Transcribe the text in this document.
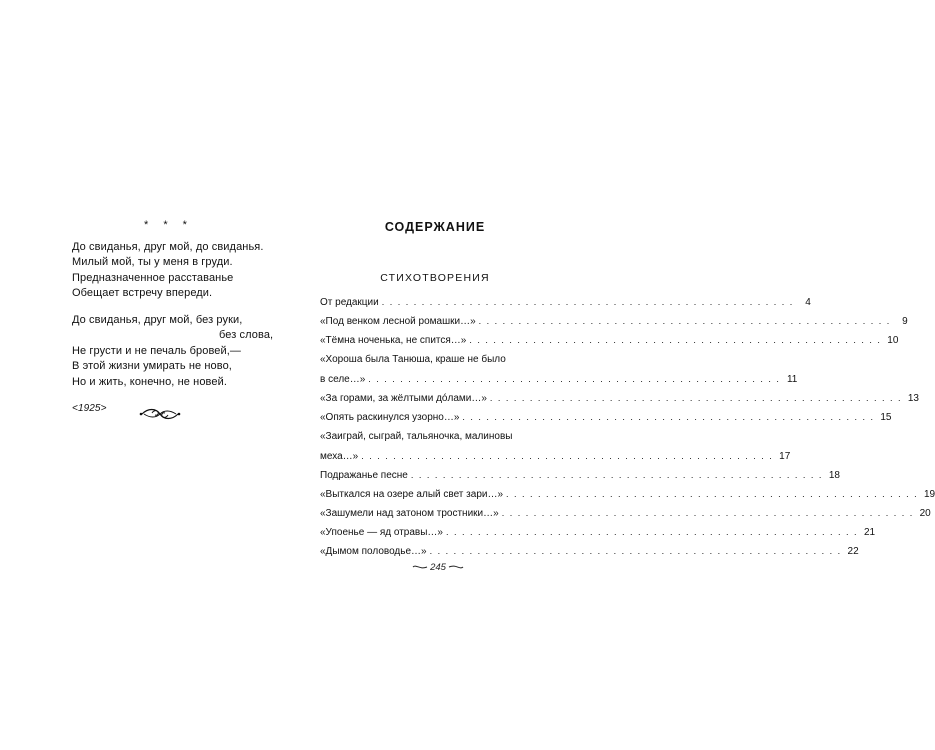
* * *
До свиданья, друг мой, до свиданья.
Милый мой, ты у меня в груди.
Предназначенное расставанье
Обещает встречу впереди.
До свиданья, друг мой, без руки,
без слова,
Не грусти и не печаль бровей,—
В этой жизни умирать не ново,
Но и жить, конечно, не новей.
<1925>
СОДЕРЖАНИЕ
СТИХОТВОРЕНИЯ
От редакции . . . . . . . . . . . . . . . . . . . . . . . . . . . . . . . . . . . . . . . . . . . . . . . . . . . .	4
«Под венком лесной ромашки…» . . . . . . . . . . . . . . . . . . . . . . . . . . . . . . . . . . . . . . . . . . . . . . . . . . . .	9
«Тёмна ноченька, не спится…» . . . . . . . . . . . . . . . . . . . . . . . . . . . . . . . . . . . . . . . . . . . . . . . . . . . . 10
«Хороша была Танюша, краше не было
в селе…» . . . . . . . . . . . . . . . . . . . . . . . . . . . . . . . . . . . . . . . . . . . . . . . . . . . . 11
«За горами, за жёлтыми дóлами…» . . . . . . . . . . . . . . . . . . . . . . . . . . . . . . . . . . . . . . . . . . . . . . . . . . . . 13
«Опять раскинулся узорно…» . . . . . . . . . . . . . . . . . . . . . . . . . . . . . . . . . . . . . . . . . . . . . . . . . . . . 15
«Заиграй, сыграй, тальяночка, малиновы
меха…» . . . . . . . . . . . . . . . . . . . . . . . . . . . . . . . . . . . . . . . . . . . . . . . . . . . . 17
Подражанье песне . . . . . . . . . . . . . . . . . . . . . . . . . . . . . . . . . . . . . . . . . . . . . . . . . . . . 18
«Выткался на озере алый свет зари…» . . . . . . . . . . . . . . . . . . . . . . . . . . . . . . . . . . . . . . . . . . . . . . . . . . . . 19
«Зашумели над затоном тростники…» . . . . . . . . . . . . . . . . . . . . . . . . . . . . . . . . . . . . . . . . . . . . . . . . . . . . 20
«Упоенье — яд отравы…» . . . . . . . . . . . . . . . . . . . . . . . . . . . . . . . . . . . . . . . . . . . . . . . . . . . . 21
«Дымом половодье…» . . . . . . . . . . . . . . . . . . . . . . . . . . . . . . . . . . . . . . . . . . . . . . . . . . . . 22
245
